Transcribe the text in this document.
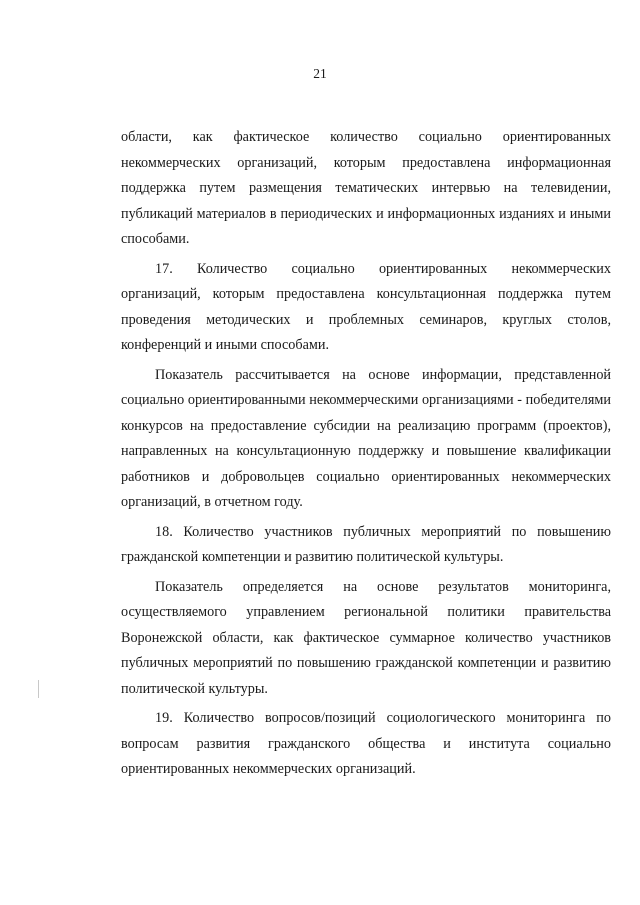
21

области, как фактическое количество социально ориентированных некоммерческих организаций, которым предоставлена информационная поддержка путем размещения тематических интервью на телевидении, публикаций материалов в периодических и информационных изданиях и иными способами.

17. Количество социально ориентированных некоммерческих организаций, которым предоставлена консультационная поддержка путем проведения методических и проблемных семинаров, круглых столов, конференций и иными способами.

Показатель рассчитывается на основе информации, представленной социально ориентированными некоммерческими организациями - победителями конкурсов на предоставление субсидии на реализацию программ (проектов), направленных на консультационную поддержку и повышение квалификации работников и добровольцев социально ориентированных некоммерческих организаций, в отчетном году.

18. Количество участников публичных мероприятий по повышению гражданской компетенции и развитию политической культуры.

Показатель определяется на основе результатов мониторинга, осуществляемого управлением региональной политики правительства Воронежской области, как фактическое суммарное количество участников публичных мероприятий по повышению гражданской компетенции и развитию политической культуры.

19. Количество вопросов/позиций социологического мониторинга по вопросам развития гражданского общества и института социально ориентированных некоммерческих организаций.
